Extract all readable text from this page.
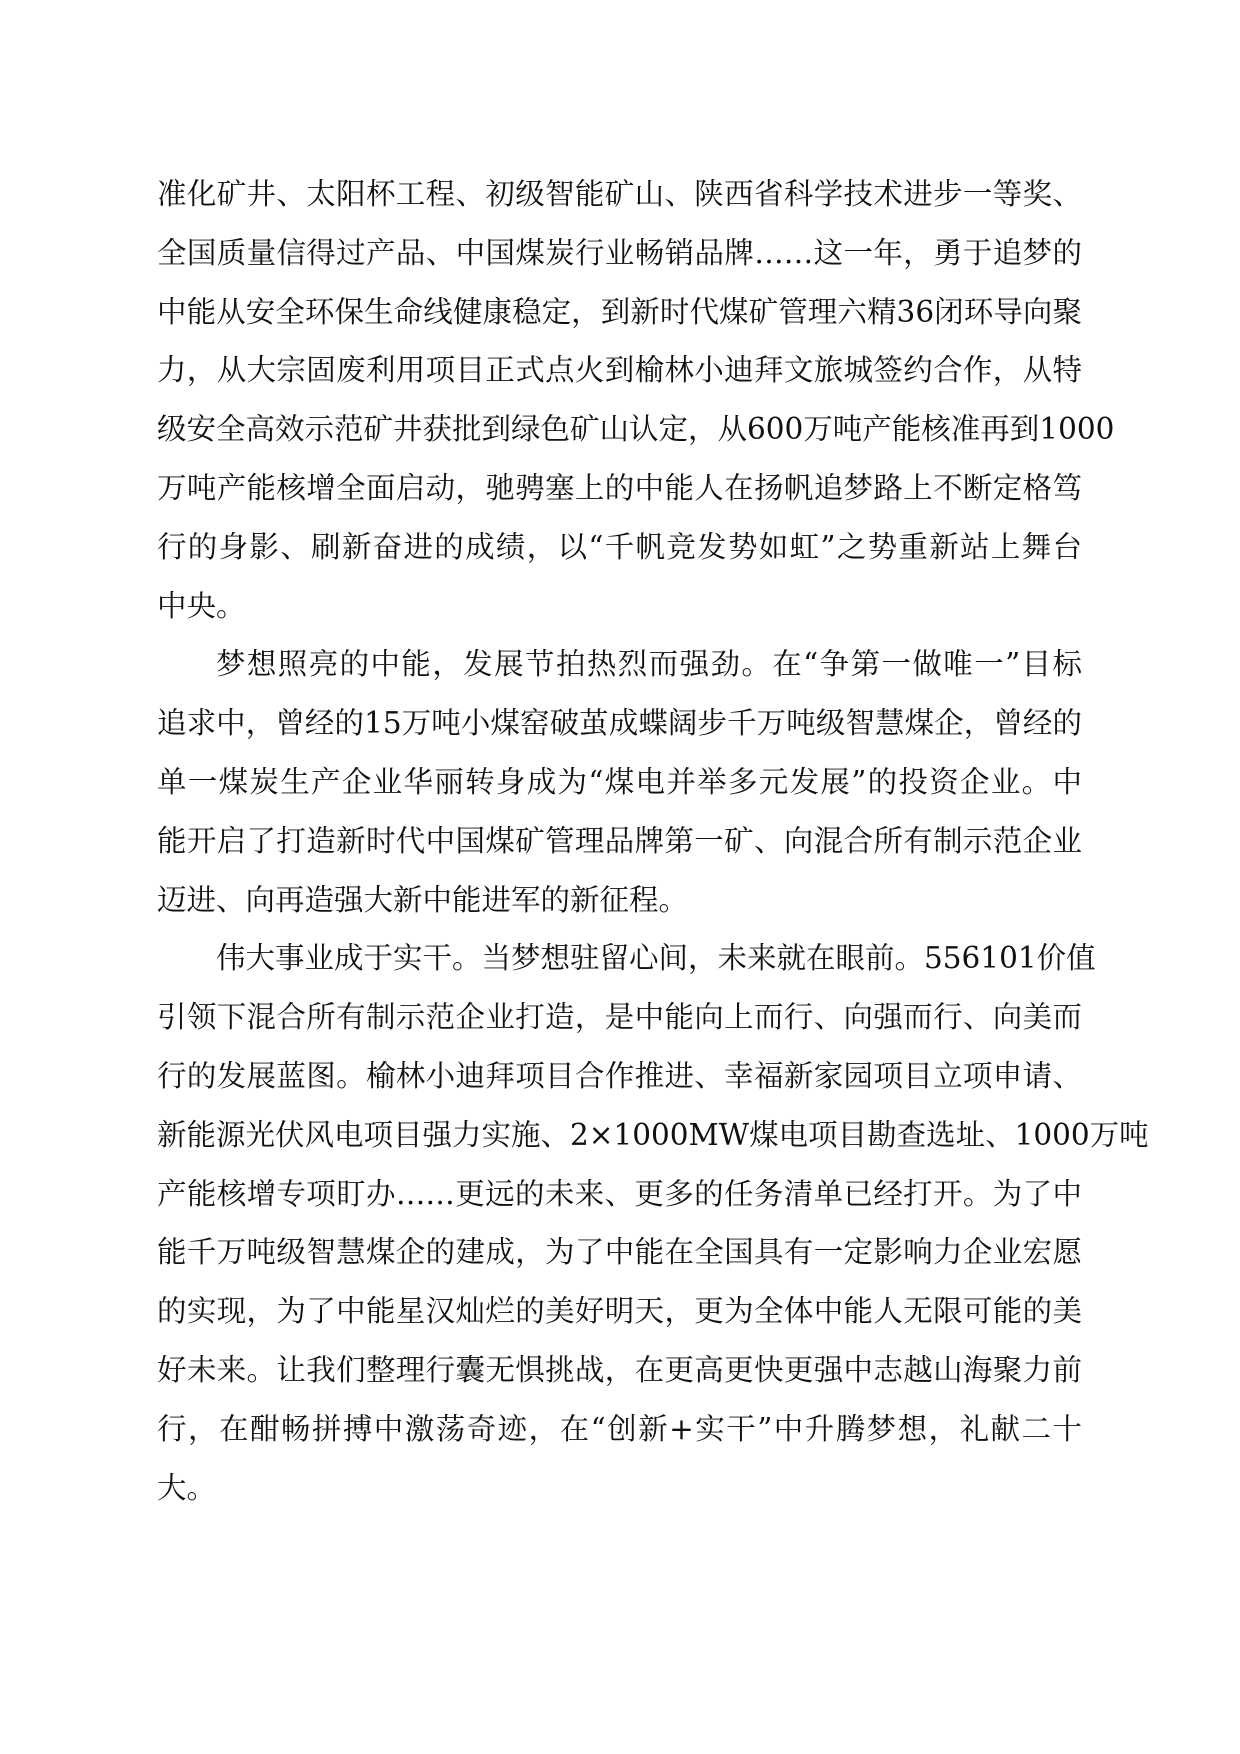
准化矿井、太阳杯工程、初级智能矿山、陕西省科学技术进步一等奖、
全国质量信得过产品、中国煤炭行业畅销品牌……这一年，勇于追梦的
中能从安全环保生命线健康稳定，到新时代煤矿管理六精36闭环导向聚
力，从大宗固废利用项目正式点火到榆林小迪拜文旅城签约合作，从特
级安全高效示范矿井获批到绿色矿山认定，从600万吨产能核准再到1000
万吨产能核增全面启动，驰骋塞上的中能人在扬帆追梦路上不断定格笃
行的身影、刷新奋进的成绩，以“千帆竞发势如虹”之势重新站上舞台
中央。
梦想照亮的中能，发展节拍热烈而强劲。在“争第一做唯一”目标
追求中，曾经的15万吨小煤窑破茧成蝶阔步千万吨级智慧煤企，曾经的
单一煤炭生产企业华丽转身成为“煤电并举多元发展”的投资企业。中
能开启了打造新时代中国煤矿管理品牌第一矿、向混合所有制示范企业
迈进、向再造强大新中能进军的新征程。
伟大事业成于实干。当梦想驻留心间，未来就在眼前。556101价值
引领下混合所有制示范企业打造，是中能向上而行、向强而行、向美而
行的发展蓝图。榆林小迪拜项目合作推进、幸福新家园项目立项申请、
新能源光伏风电项目强力实施、2×1000MW煤电项目勘查选址、1000万吨
产能核增专项盯办……更远的未来、更多的任务清单已经打开。为了中
能千万吨级智慧煤企的建成，为了中能在全国具有一定影响力企业宏愿
的实现，为了中能星汉灿烂的美好明天，更为全体中能人无限可能的美
好未来。让我们整理行囊无惧挑战，在更高更快更强中志越山海聚力前
行，在酣畅拼搏中激荡奇迹，在“创新+实干”中升腾梦想，礼献二十
大。
